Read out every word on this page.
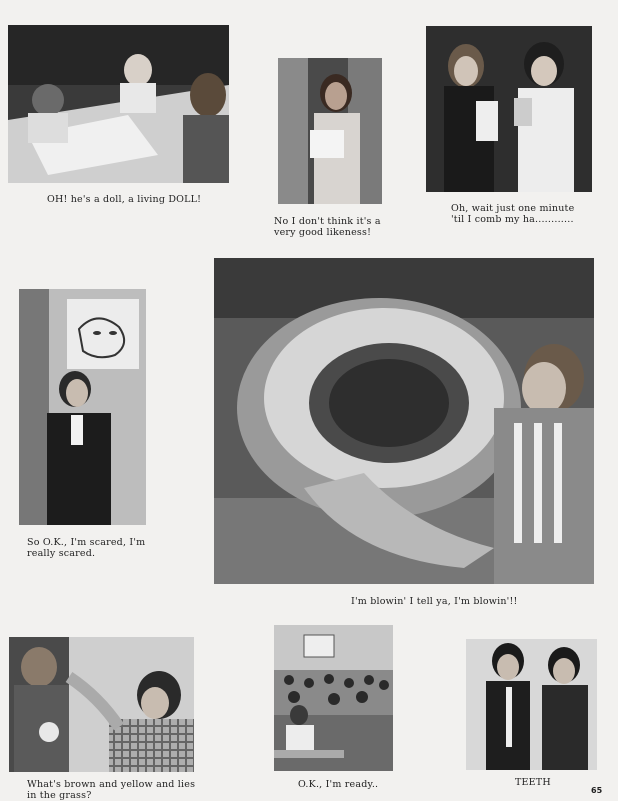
OH! he's a doll, a living DOLL!
No I don't think it's a very good likeness!
Oh, wait just one minute 'til I comb my ha............
So O.K., I'm scared, I'm really scared.
I'm blowin' I tell ya, I'm blowin'!!
What's brown and yellow and lies in the grass?
O.K., I'm ready..	TEETH
65
